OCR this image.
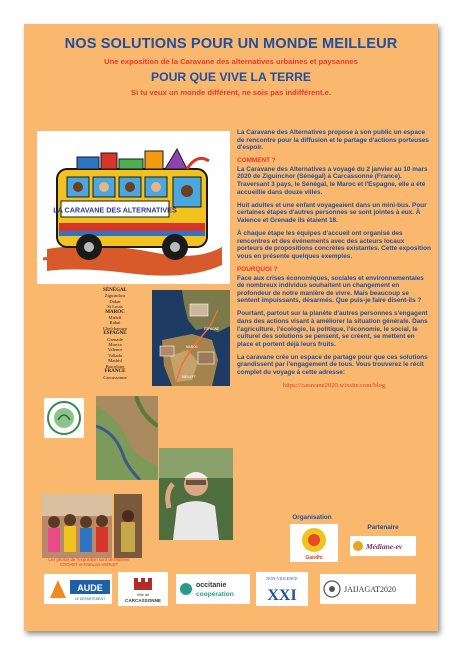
NOS SOLUTIONS POUR UN MONDE MEILLEUR
Une exposition de la Caravane des alternatives urbaines et paysannes
POUR QUE VIVE LA TERRE
Si tu veux un monde différent, ne sois pas indifférent.e.
LA CARAVANE DES ALTERNATIVES

La Caravane des Alternatives propose à son public un espace de rencontre pour la diffusion et le partage d'actions porteuses d'espoir.

COMMENT ?

La Caravane des Alternatives a voyagé du 2 janvier au 10 mars 2020 de Ziguinchor (Sénégal) à Carcassonne (France). Traversant 3 pays, le Sénégal, le Maroc et l'Espagne, elle a été accueillie dans douze villes.

Huit adultes et une enfant voyageaient dans un mini-bus. Pour certaines étapes d'autres personnes se sont jointes à eux. À Valence et Grenade ils étaient 18.

À chaque étape les équipes d'accueil ont organisé des rencontres et des événements avec des acteurs locaux porteurs de propositions concrètes existantes. Cette exposition vous en présente quelques exemples.

POURQUOI ?

Face aux crises économiques, sociales et environnementales de nombreux individus souhaitent un changement en profondeur de notre manière de vivre. Mais beaucoup se sentent impuissants, désarmés. Que puis-je faire disent-ils ?

Pourtant, partout sur la planète d'autres personnes s'engagent dans des actions visant à améliorer la situation générale. Dans l'agriculture, l'écologie, la politique, l'économie, le social, le culturel des solutions se pensent, se créent, se mettent en place et portent déjà leurs fruits.

La caravane crée un espace de partage pour que ces solutions grandissent par l'engagement de tous. Vous trouverez le récit complet du voyage à cette adresse:

https://caravane2020.wixsite.com/blog

SÉNÉGAL
Ziguinchor
Dakar
St Louis
MAROC
Mirleft
Rabat
Chefchaouen
ESPAGNE
Grenade
Murcia
Valence
Vallada
Madrid
Barcelone
FRANCE
Carcassonne
ESPAGNE
MAROC
MIRLEFT
Les photos de l'exposition sont de Marlène COCHET et François VERLET
Organisation
Gandhi
Partenaire
Médiane-ev
AUDE
LE DÉPARTEMENT
Ville de
CARCASSONNE
occitanie
coopération
NON-VIOLENCE
XXI	JAIJAGAT2020
